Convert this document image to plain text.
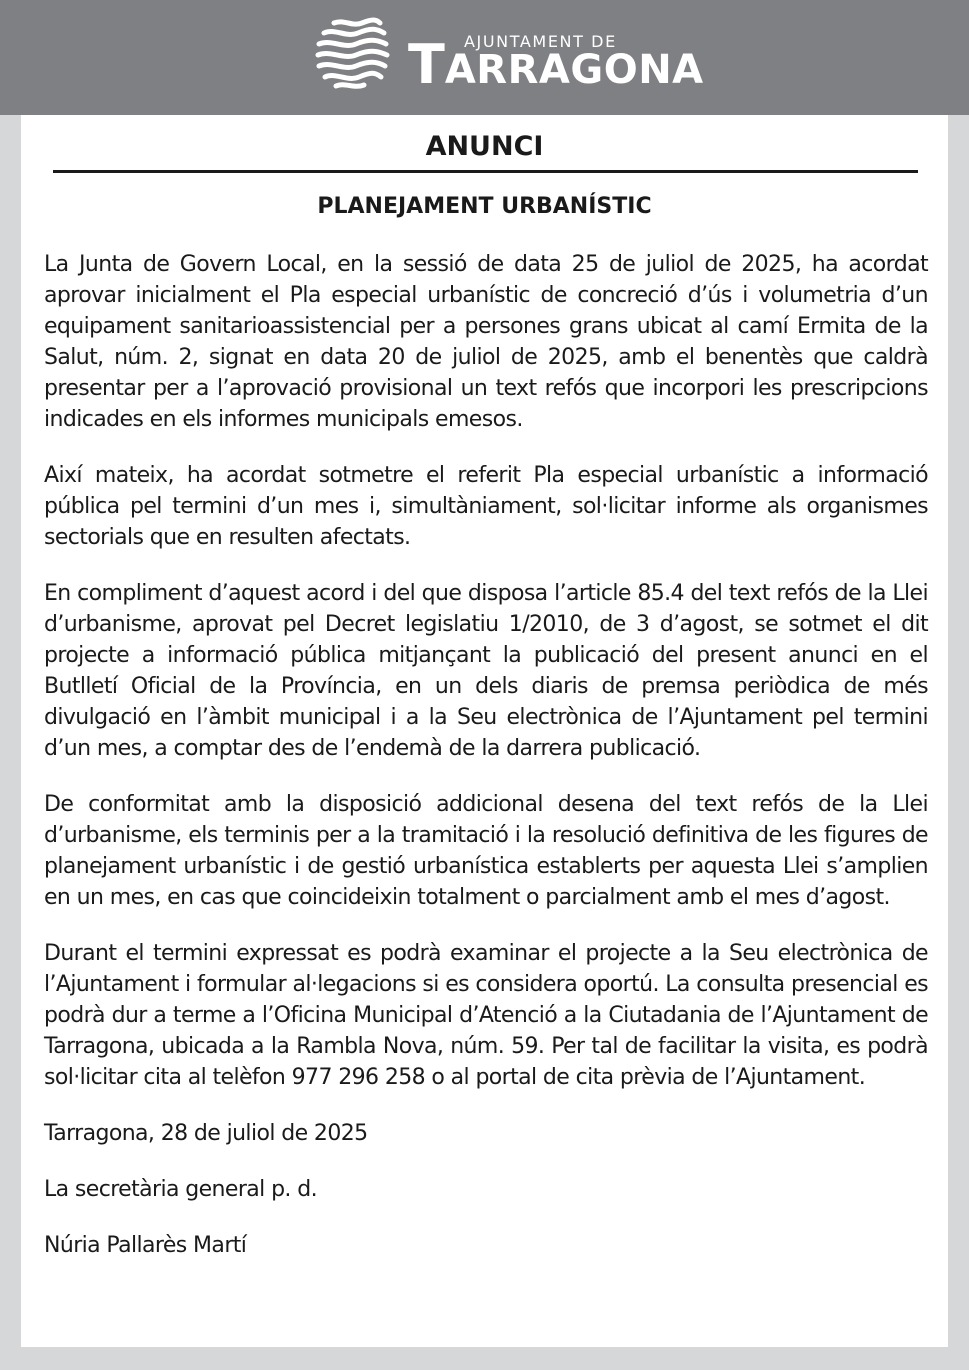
AJUNTAMENT DE
TARRAGONA
ANUNCI
PLANEJAMENT URBANÍSTIC

La Junta de Govern Local, en la sessió de data 25 de juliol de 2025, ha acordat aprovar inicialment el Pla especial urbanístic de concreció d’ús i volumetria d’un equipament sanitarioassistencial per a persones grans ubicat al camí Ermita de la Salut, núm. 2, signat en data 20 de juliol de 2025, amb el benentès que caldrà presentar per a l’aprovació provisional un text refós que incorpori les prescripcions indicades en els informes municipals emesos.

Així mateix, ha acordat sotmetre el referit Pla especial urbanístic a informació pública pel termini d’un mes i, simultàniament, sol·licitar informe als organismes sectorials que en resulten afectats.

En compliment d’aquest acord i del que disposa l’article 85.4 del text refós de la Llei d’urbanisme, aprovat pel Decret legislatiu 1/2010, de 3 d’agost, se sotmet el dit projecte a informació pública mitjançant la publicació del present anunci en el Butlletí Oficial de la Província, en un dels diaris de premsa periòdica de més divulgació en l’àmbit municipal i a la Seu electrònica de l’Ajuntament pel termini d’un mes, a comptar des de l’endemà de la darrera publicació.

De conformitat amb la disposició addicional desena del text refós de la Llei d’urbanisme, els terminis per a la tramitació i la resolució definitiva de les figures de planejament urbanístic i de gestió urbanística establerts per aquesta Llei s’amplien en un mes, en cas que coincideixin totalment o parcialment amb el mes d’agost.

Durant el termini expressat es podrà examinar el projecte a la Seu electrònica de l’Ajuntament i formular al·legacions si es considera oportú. La consulta presencial es podrà dur a terme a l’Oficina Municipal d’Atenció a la Ciutadania de l’Ajuntament de Tarragona, ubicada a la Rambla Nova, núm. 59. Per tal de facilitar la visita, es podrà sol·licitar cita al telèfon 977 296 258 o al portal de cita prèvia de l’Ajuntament.

Tarragona, 28 de juliol de 2025

La secretària general p. d.

Núria Pallarès Martí
